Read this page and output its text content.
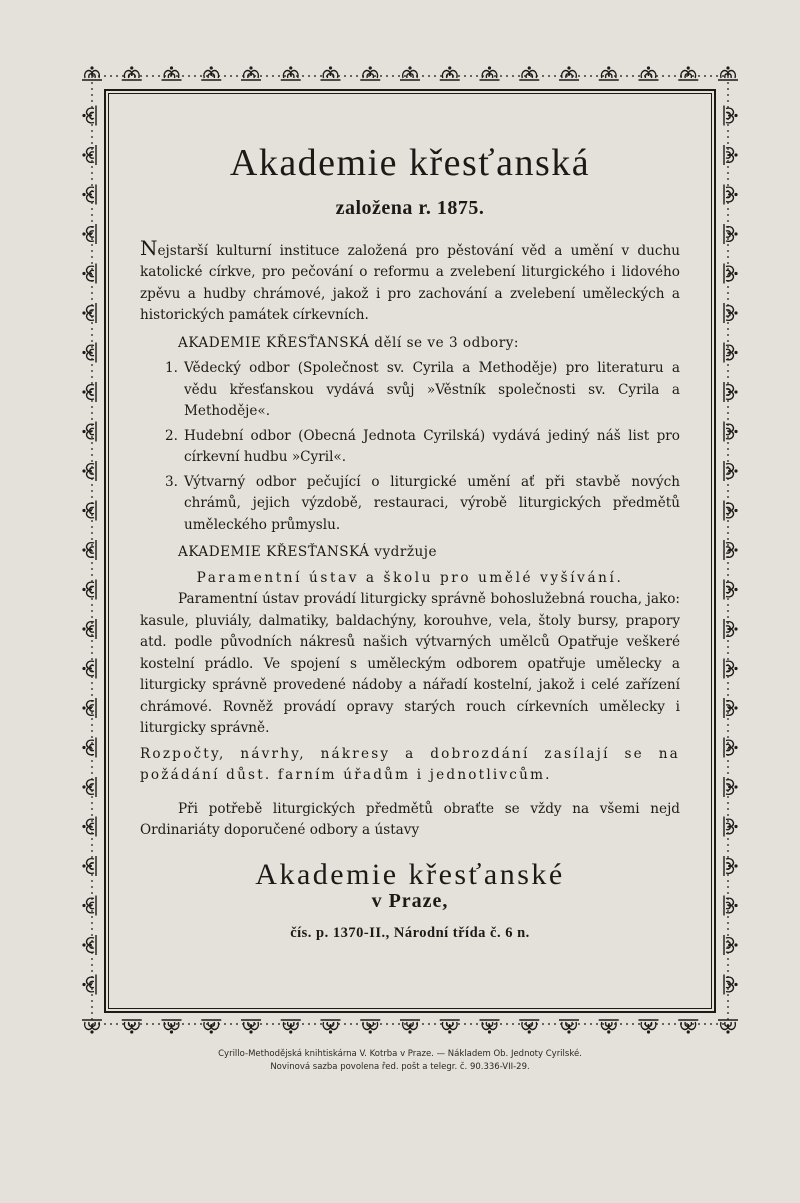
Akademie křesťanská
založena r. 1875.

Nejstarší kulturní instituce založená pro pěstování věd a umění v duchu katolické církve, pro pečování o reformu a zvelebení liturgického i lidového zpěvu a hudby chrámové, jakož i pro zachování a zvelebení uměleckých a historických památek církevních.

AKADEMIE KŘESŤANSKÁ dělí se ve 3 odbory:

1. Vědecký odbor (Společnost sv. Cyrila a Methoděje) pro literaturu a vědu křesťanskou vydává svůj »Věstník společnosti sv. Cyrila a Methoděje«.
2. Hudební odbor (Obecná Jednota Cyrilská) vydává jediný náš list pro církevní hudbu »Cyril«.
3. Výtvarný odbor pečující o liturgické umění ať při stavbě nových chrámů, jejich výzdobě, restauraci, výrobě liturgických předmětů uměleckého průmyslu.

AKADEMIE KŘESŤANSKÁ vydržuje

Paramentní ústav a školu pro umělé vyšívání.

Paramentní ústav provádí liturgicky správně bohoslužebná roucha, jako: kasule, pluviály, dalmatiky, baldachýny, korouhve, vela, štoly bursy, prapory atd. podle původních nákresů našich výtvarných umělců Opatřuje veškeré kostelní prádlo. Ve spojení s uměleckým odborem opatřuje umělecky a liturgicky správně provedené nádoby a nářadí kostelní, jakož i celé zařízení chrámové. Rovněž provádí opravy starých rouch církevních umělecky i liturgicky správně.

Rozpočty, návrhy, nákresy a dobrozdání zasílají se na požádání důst. farním úřadům i jednotlivcům.

Při potřebě liturgických předmětů obraťte se vždy na všemi nejd Ordinariáty doporučené odbory a ústavy

Akademie křesťanské
v Praze,
čís. p. 1370-II., Národní třída č. 6 n.
Cyrillo-Methodějská knihtiskárna V. Kotrba v Praze. — Nákladem Ob. Jednoty Cyrilské.
Novinová sazba povolena řed. pošt a telegr. č. 90.336-VII-29.
